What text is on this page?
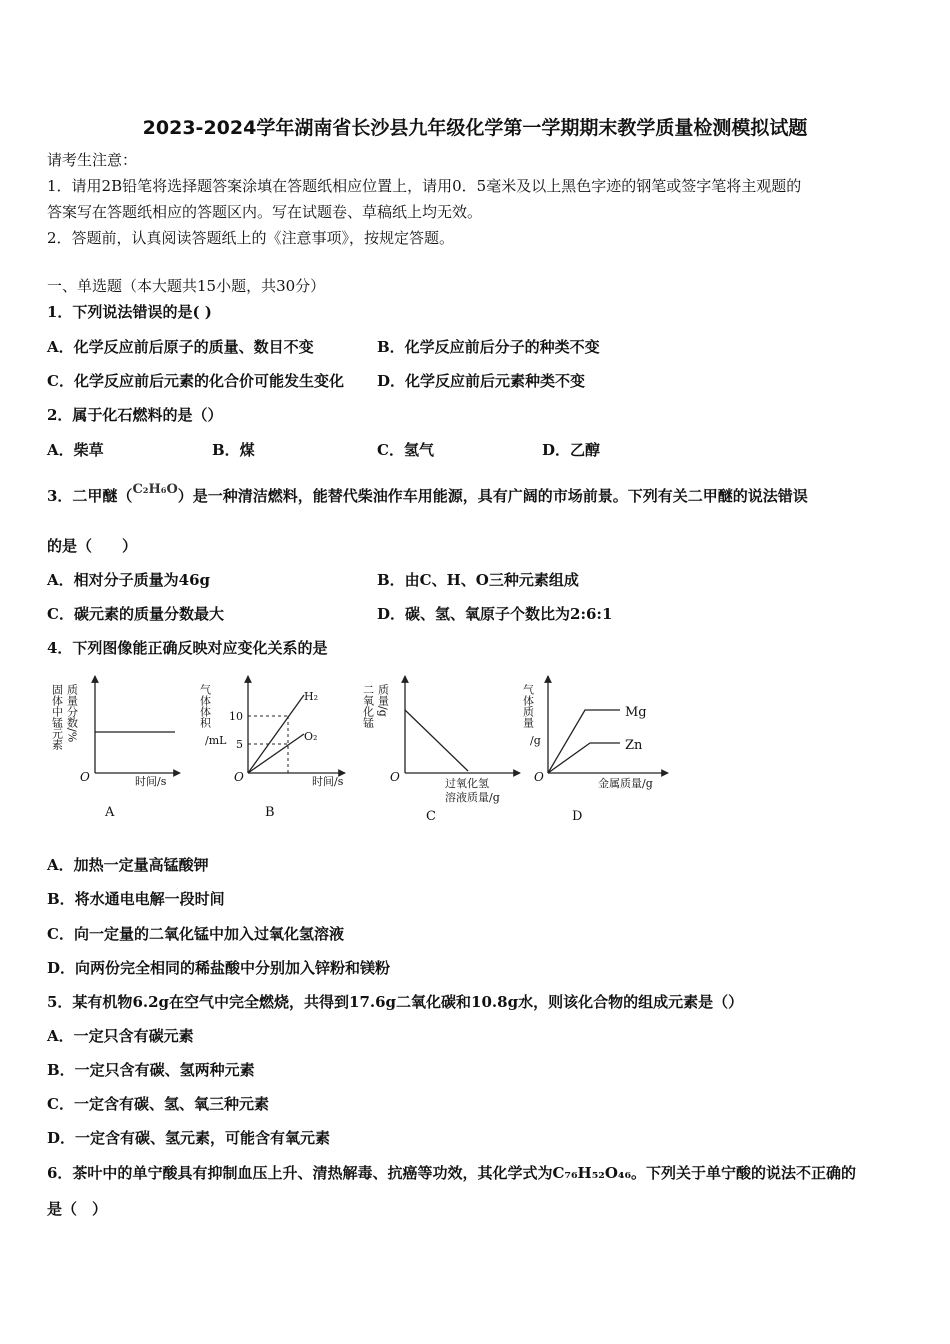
2023-2024学年湖南省长沙县九年级化学第一学期期末教学质量检测模拟试题
请考生注意：
1．请用2B铅笔将选择题答案涂填在答题纸相应位置上，请用0．5毫米及以上黑色字迹的钢笔或签字笔将主观题的
答案写在答题纸相应的答题区内。写在试题卷、草稿纸上均无效。
2．答题前，认真阅读答题纸上的《注意事项》，按规定答题。
一、单选题（本大题共15小题，共30分）
1．下列说法错误的是( )
A．化学反应前后原子的质量、数目不变	B．化学反应前后分子的种类不变
C．化学反应前后元素的化合价可能发生变化 D．化学反应前后元素种类不变
2．属于化石燃料的是（）
A．柴草	B．煤	C．氢气	D．乙醇
3．二甲醚（C₂H₆O）是一种清洁燃料，能替代柴油作车用能源，具有广阔的市场前景。下列有关二甲醚的说法错误
的是（　　）
A．相对分子质量为46g	B．由C、H、O三种元素组成
C．碳元素的质量分数最大	D．碳、氢、氧原子个数比为2:6:1
4．下列图像能正确反映对应变化关系的是
固体中锰元素 质量分数/%
O	时间/s
A
气体体积
/mL
10
5
H₂
O₂
O	时间/s
B
二氧化锰 质量/g
O	过氧化氢
溶液质量/g
C
气体质量
/g
Mg
Zn
O	金属质量/g
D
A．加热一定量高锰酸钾
B．将水通电电解一段时间
C．向一定量的二氧化锰中加入过氧化氢溶液
D．向两份完全相同的稀盐酸中分别加入锌粉和镁粉
5．某有机物6.2g在空气中完全燃烧，共得到17.6g二氧化碳和10.8g水，则该化合物的组成元素是（）
A．一定只含有碳元素
B．一定只含有碳、氢两种元素
C．一定含有碳、氢、氧三种元素
D．一定含有碳、氢元素，可能含有氧元素
6．茶叶中的单宁酸具有抑制血压上升、清热解毒、抗癌等功效，其化学式为C₇₆H₅₂O₄₆。下列关于单宁酸的说法不正确的
是（　）
